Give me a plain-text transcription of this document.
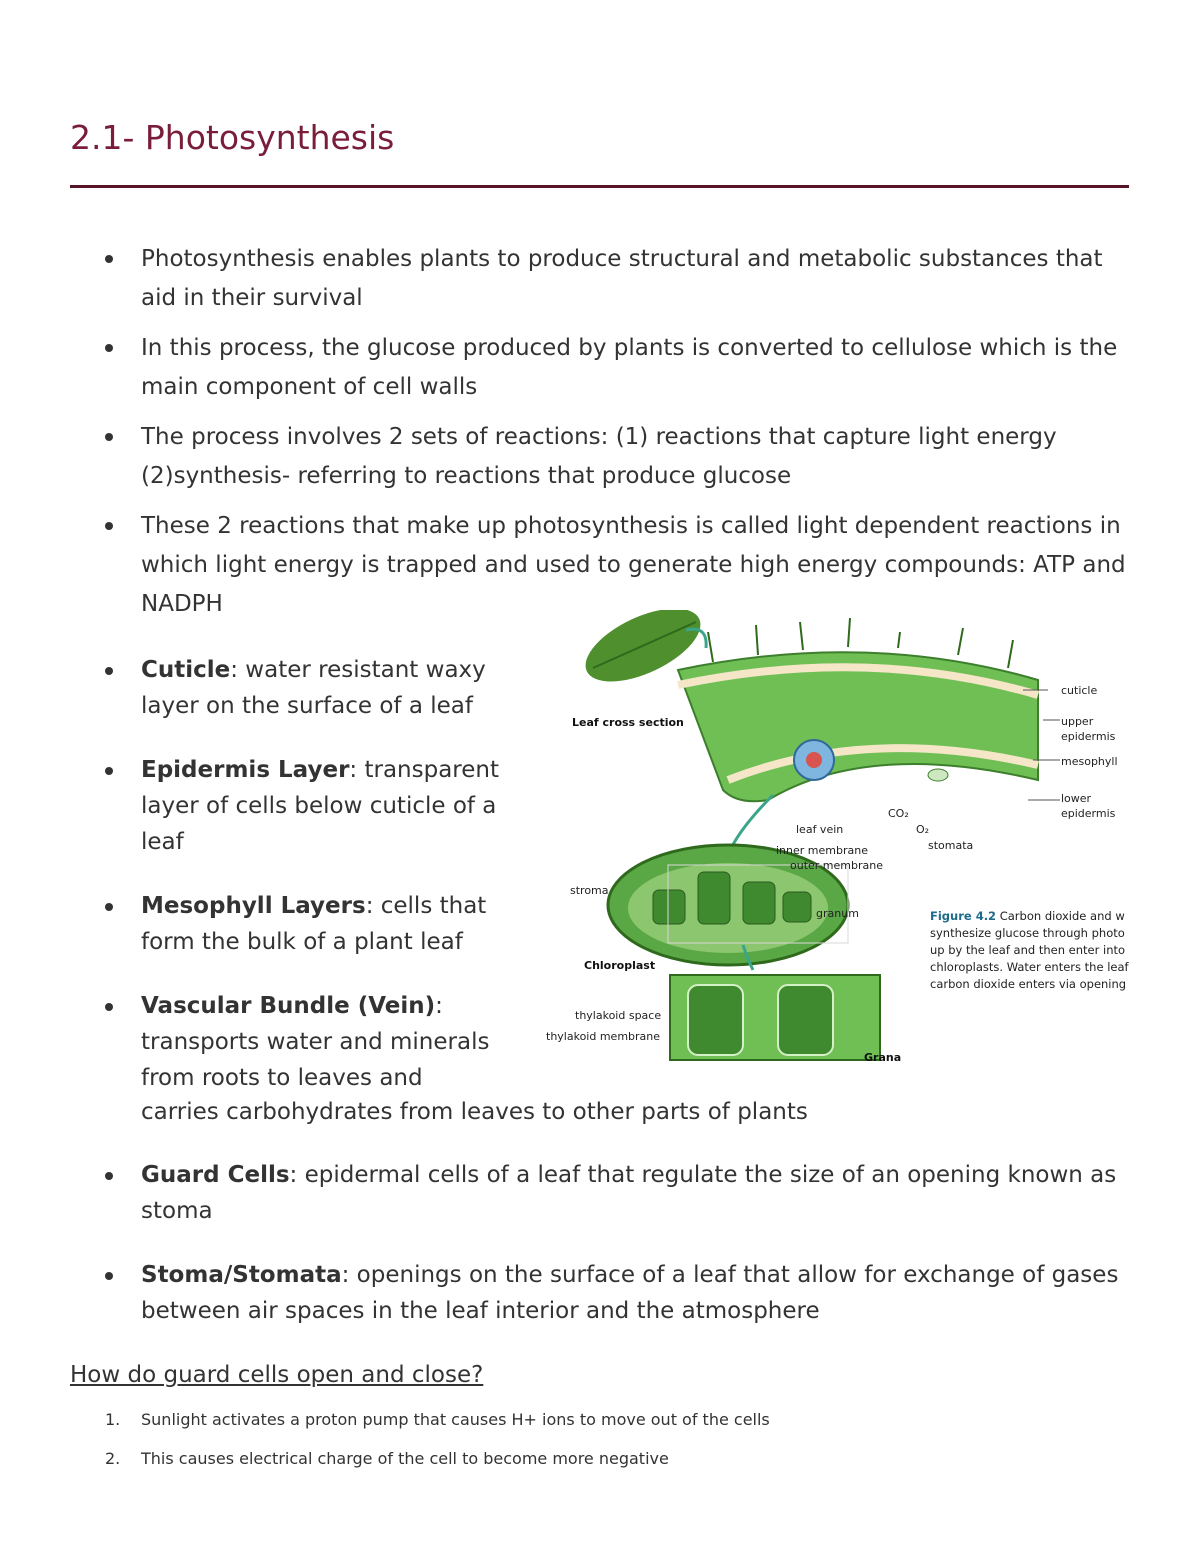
2.1- Photosynthesis
Photosynthesis enables plants to produce structural and metabolic substances that aid in their survival
In this process, the glucose produced by plants is converted to cellulose which is the main component of cell walls
The process involves 2 sets of reactions: (1) reactions that capture light energy (2)synthesis- referring to reactions that produce glucose
These 2 reactions that make up photosynthesis is called light dependent reactions in which light energy is trapped and used to generate high energy compounds: ATP and NADPH
Cuticle: water resistant waxy layer on the surface of a leaf
Epidermis Layer: transparent layer of cells below cuticle of a leaf
Mesophyll Layers: cells that form the bulk of a plant leaf
Vascular Bundle (Vein): transports water and minerals from roots to leaves and
carries carbohydrates from leaves to other parts of plants
Leaf cross section
cuticle
upper
epidermis
mesophyll
lower
epidermis
CO₂
O₂
leaf vein
stomata
inner membrane
outer membrane
stroma
granum
Chloroplast
thylakoid space
thylakoid membrane
Grana
Figure 4.2 Carbon dioxide and w
synthesize glucose through photo
up by the leaf and then enter into
chloroplasts. Water enters the leaf
carbon dioxide enters via opening
Guard Cells: epidermal cells of a leaf that regulate the size of an opening known as stoma
Stoma/Stomata: openings on the surface of a leaf that allow for exchange of gases between air spaces in the leaf interior and the atmosphere
How do guard cells open and close?
1. Sunlight activates a proton pump that causes H+ ions to move out of the cells
2. This causes electrical charge of the cell to become more negative
